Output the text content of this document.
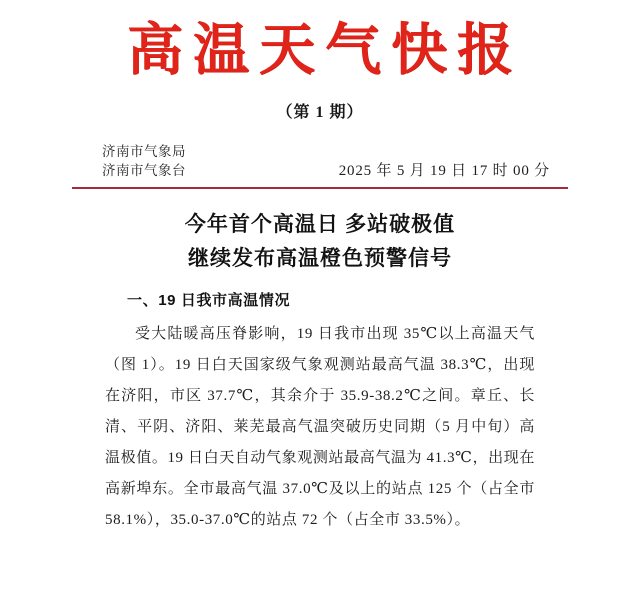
高温天气快报
（第 1 期）
济南市气象局
济南市气象台	2025 年 5 月 19 日 17 时 00 分
今年首个高温日 多站破极值
继续发布高温橙色预警信号
一、19 日我市高温情况
受大陆暖高压脊影响，19 日我市出现 35℃以上高温天气（图 1）。19 日白天国家级气象观测站最高气温 38.3℃，出现在济阳，市区 37.7℃，其余介于 35.9-38.2℃之间。章丘、长清、平阴、济阳、莱芜最高气温突破历史同期（5 月中旬）高温极值。19 日白天自动气象观测站最高气温为 41.3℃，出现在高新埠东。全市最高气温 37.0℃及以上的站点 125 个（占全市 58.1%），35.0-37.0℃的站点 72 个（占全市 33.5%）。
